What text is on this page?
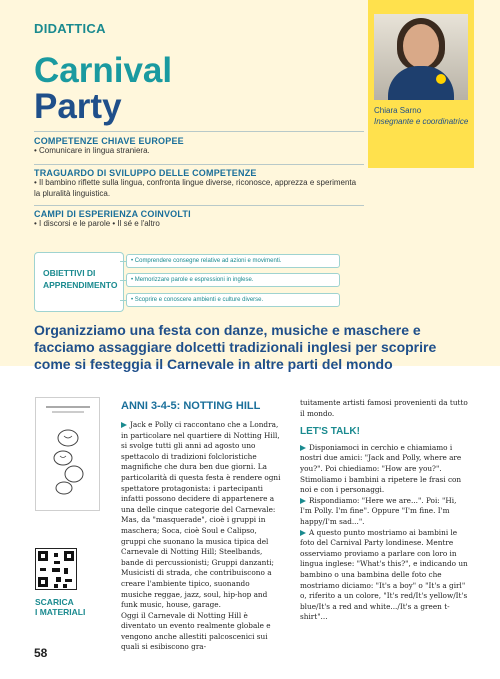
DIDATTICA
Carnival
Party	Chiara Sarno
Insegnante e coordinatrice
COMPETENZE CHIAVE EUROPEE
• Comunicare in lingua straniera.
TRAGUARDO DI SVILUPPO DELLE COMPETENZE
• Il bambino riflette sulla lingua, confronta lingue diverse, riconosce, apprezza e sperimenta la pluralità linguistica.
CAMPI DI ESPERIENZA COINVOLTI
• I discorsi e le parole • Il sé e l'altro
OBIETTIVI DI APPRENDIMENTO
• Comprendere consegne relative ad azioni e movimenti.
• Memorizzare parole e espressioni in inglese.
• Scoprire e conoscere ambienti e culture diverse.
Organizziamo una festa con danze, musiche e maschere e facciamo assaggiare dolcetti tradizionali inglesi per scoprire come si festeggia il Carnevale in altre parti del mondo
SCARICA
I MATERIALI
ANNI 3-4-5: NOTTING HILL

Jack e Polly ci raccontano che a Londra, in particolare nel quartiere di Notting Hill, si svolge tutti gli anni ad agosto uno spettacolo di tradizioni folcloristiche magnifiche che dura ben due giorni. La particolarità di questa festa è rendere ogni spettatore protagonista: i partecipanti infatti possono decidere di appartenere a una delle cinque categorie del Carnevale:

Mas, da "masquerade", cioè i gruppi in maschera; Soca, cioè Soul e Calipso, gruppi che suonano la musica tipica del Carnevale di Notting Hill; Steelbands, bande di percussionisti; Gruppi danzanti;

Musicisti di strada, che contribuiscono a creare l'ambiente tipico, suonando musiche reggae, jazz, soul, hip-hop and funk music, house, garage.

Oggi il Carnevale di Notting Hill è diventato un evento realmente globale e vengono anche allestiti palcoscenici sui quali si esibiscono gra-

tuitamente artisti famosi provenienti da tutto il mondo.

LET'S TALK!

Disponiamoci in cerchio e chiamiamo i nostri due amici: "Jack and Polly, where are you?". Poi chiediamo: "How are you?". Stimoliamo i bambini a ripetere le frasi con noi e con i personaggi.

Rispondiamo: "Here we are...". Poi: "Hi, I'm Polly. I'm fine". Oppure "I'm fine. I'm happy/I'm sad...".

A questo punto mostriamo ai bambini le foto del Carnival Party londinese. Mentre osserviamo proviamo a parlare con loro in lingua inglese: "What's this?", e indicando un bambino o una bambina delle foto che mostriamo diciamo: "It's a boy" o "It's a girl" o, riferito a un colore, "It's red/It's yellow/It's blue/It's a red and white.../It's a green t-shirt"...

58
